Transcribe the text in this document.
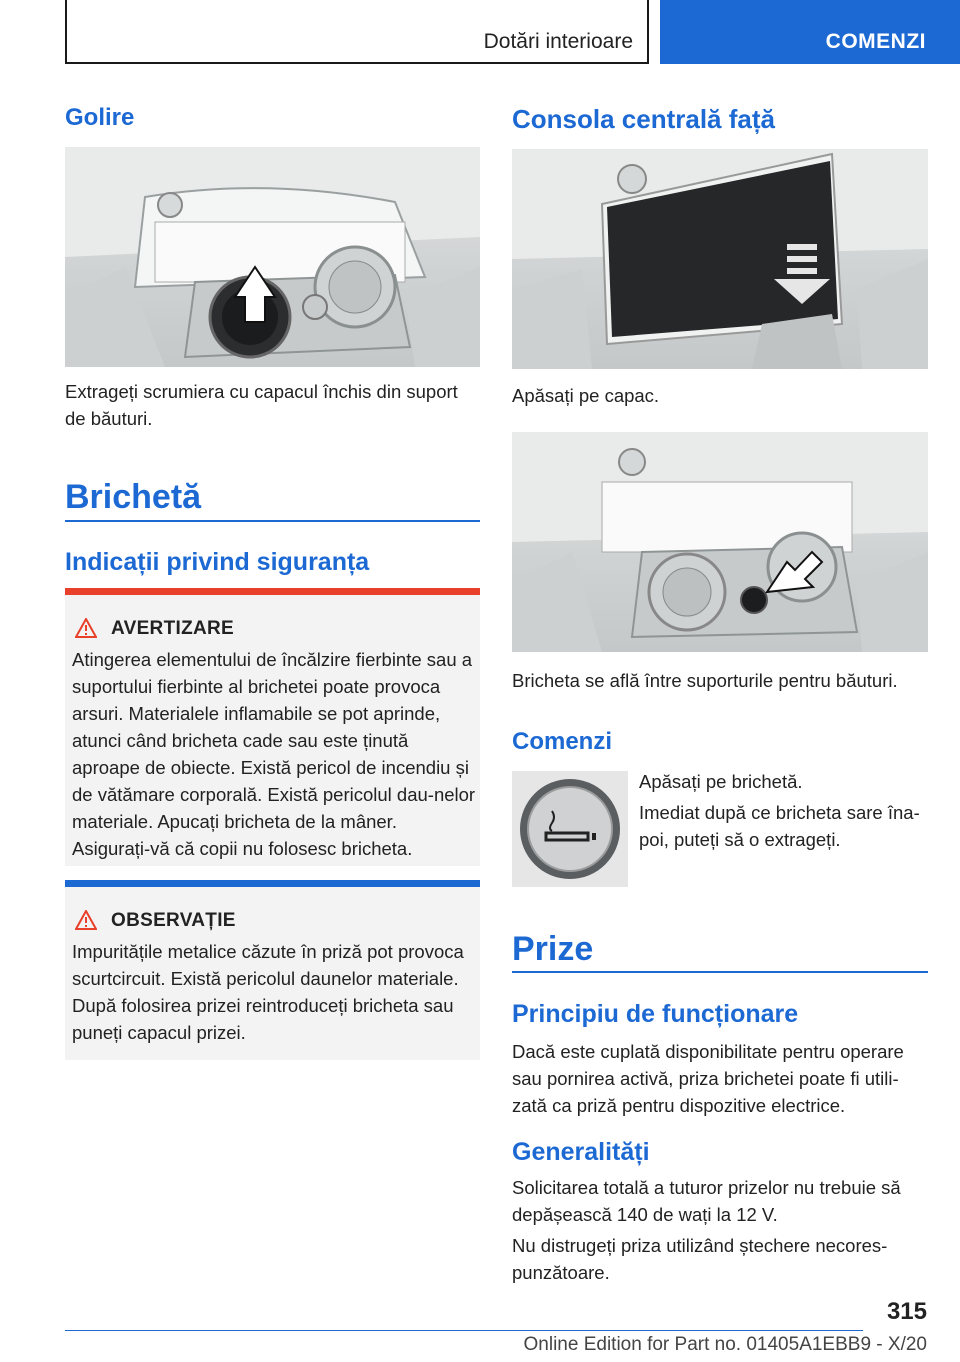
Dotări interioare	COMENZI
Golire

Extrageți scrumiera cu capacul închis din suport de băuturi.

Brichetă
Indicații privind siguranța
AVERTIZARE

Atingerea elementului de încălzire fierbinte sau a suportului fierbinte al brichetei poate provoca arsuri. Materialele inflamabile se pot aprinde, atunci când bricheta cade sau este ținută aproape de obiecte. Există pericol de incendiu și de vătămare corporală. Există pericolul dau‐nelor materiale. Apucați bricheta de la mâner. Asigurați-vă că copii nu folosesc bricheta.

OBSERVAȚIE

Impuritățile metalice căzute în priză pot provoca scurtcircuit. Există pericolul daunelor materiale. După folosirea prizei reintroduceți bricheta sau puneți capacul prizei.

Consola centrală față

Apăsați pe capac.

Bricheta se află între suporturile pentru băuturi.

Comenzi

Apăsați pe brichetă.

Imediat după ce bricheta sare îna‐poi, puteți să o extrageți.

Prize
Principiu de funcționare

Dacă este cuplată disponibilitate pentru operare sau pornirea activă, priza brichetei poate fi utili‐zată ca priză pentru dispozitive electrice.

Generalități

Solicitarea totală a tuturor prizelor nu trebuie să depășească 140 de wați la 12 V.

Nu distrugeți priza utilizând ștechere necores‐punzătoare.

315
Online Edition for Part no. 01405A1EBB9 - X/20
